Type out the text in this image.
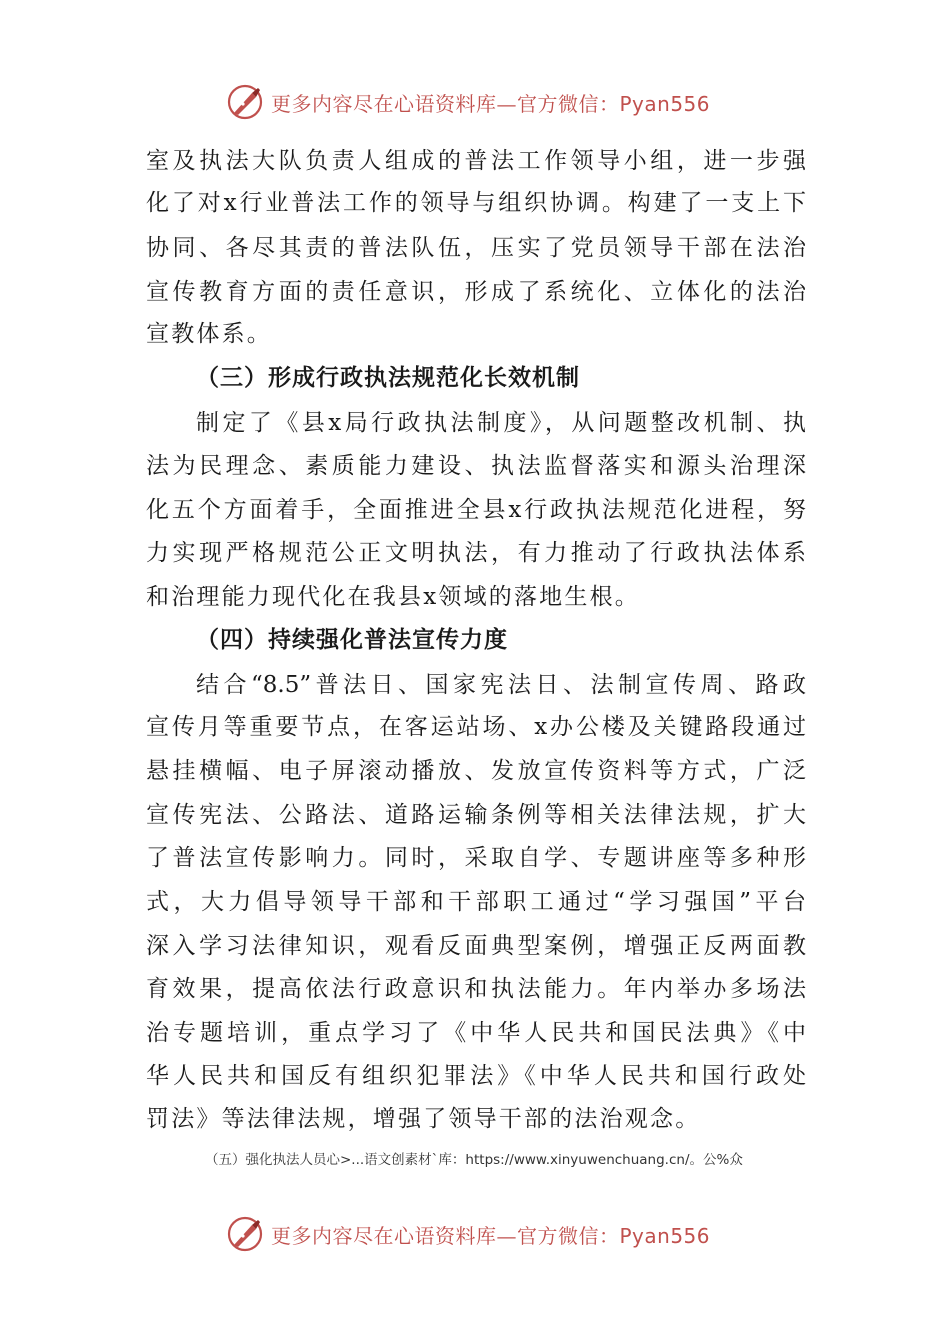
更多内容尽在心语资料库—官方微信：Pyan556
室及执法大队负责人组成的普法工作领导小组，进一步强
化了对x行业普法工作的领导与组织协调。构建了一支上下
协同、各尽其责的普法队伍，压实了党员领导干部在法治
宣传教育方面的责任意识，形成了系统化、立体化的法治
宣教体系。
（三）形成行政执法规范化长效机制
制定了《县x局行政执法制度》，从问题整改机制、执
法为民理念、素质能力建设、执法监督落实和源头治理深
化五个方面着手，全面推进全县x行政执法规范化进程，努
力实现严格规范公正文明执法，有力推动了行政执法体系
和治理能力现代化在我县x领域的落地生根。
（四）持续强化普法宣传力度
结合“8.5”普法日、国家宪法日、法制宣传周、路政
宣传月等重要节点，在客运站场、x办公楼及关键路段通过
悬挂横幅、电子屏滚动播放、发放宣传资料等方式，广泛
宣传宪法、公路法、道路运输条例等相关法律法规，扩大
了普法宣传影响力。同时，采取自学、专题讲座等多种形
式，大力倡导领导干部和干部职工通过“学习强国”平台
深入学习法律知识，观看反面典型案例，增强正反两面教
育效果，提高依法行政意识和执法能力。年内举办多场法
治专题培训，重点学习了《中华人民共和国民法典》《中
华人民共和国反有组织犯罪法》《中华人民共和国行政处
罚法》等法律法规，增强了领导干部的法治观念。
（五）强化执法人员心>...语文创素材`库：https://www.xinyuwenchuang.cn/。公%众
更多内容尽在心语资料库—官方微信：Pyan556
